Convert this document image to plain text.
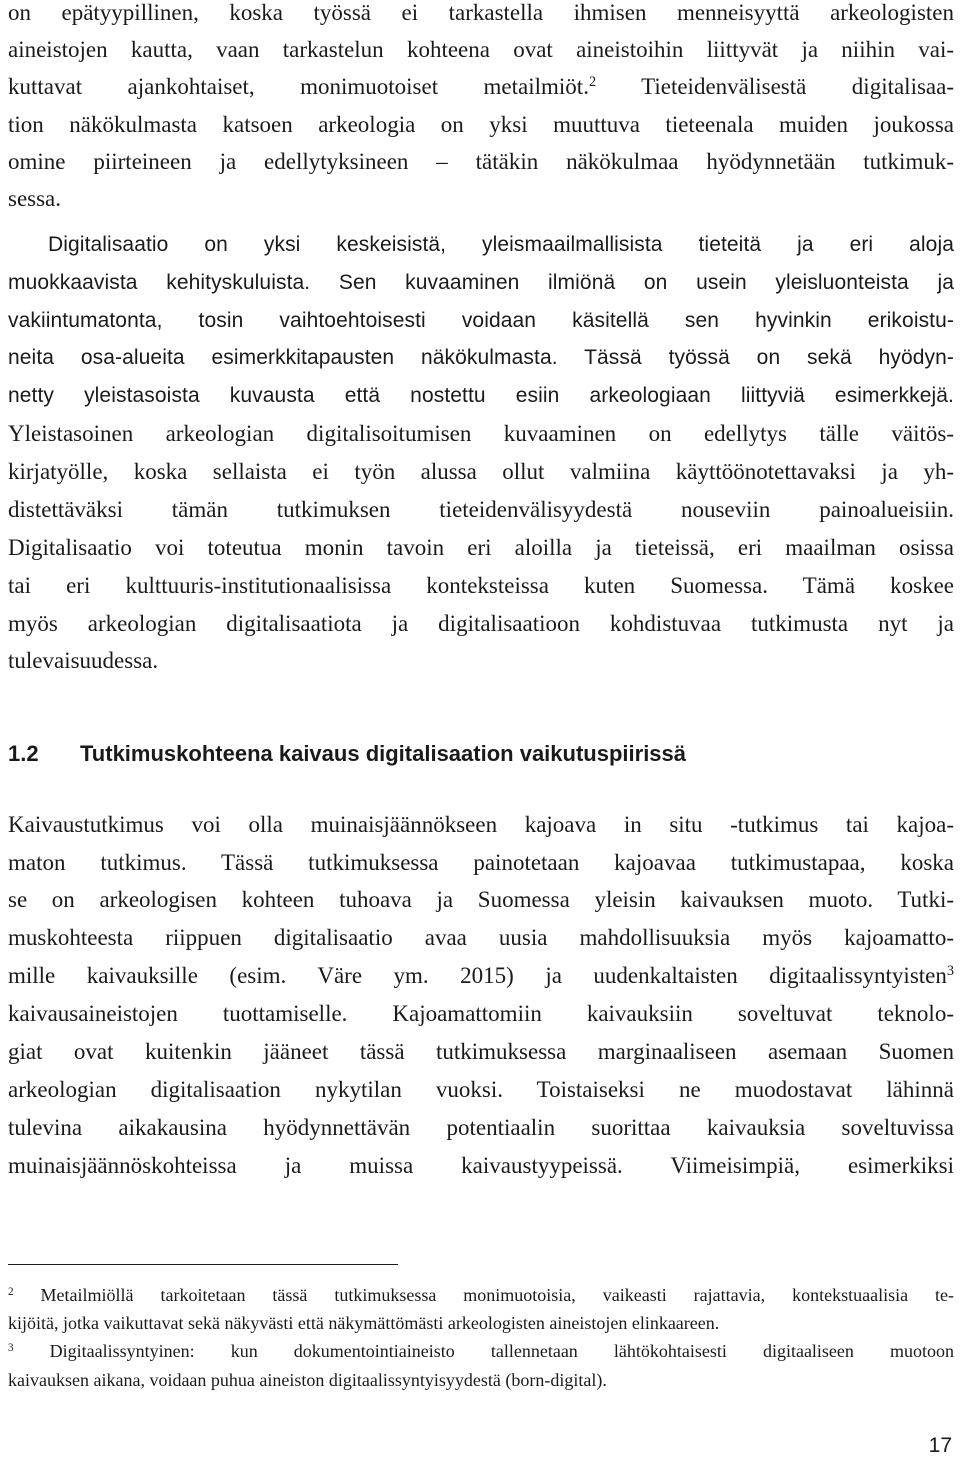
on epätyypillinen, koska työssä ei tarkastella ihmisen menneisyyttä arkeologisten
aineistojen kautta, vaan tarkastelun kohteena ovat aineistoihin liittyvät ja niihin vai-
kuttavat ajankohtaiset, monimuotoiset metailmiöt.$^2$ Tieteidenvälisestä digitalisaa-
tion näkökulmasta katsoen arkeologia on yksi muuttuva tieteenala muiden joukossa
omine piirteineen ja edellytyksineen – tätäkin näkökulmaa hyödynnetään tutkimuk-
sessa.
Digitalisaatio on yksi keskeisistä, yleismaailmallisista tieteitä ja eri aloja
muokkaavista kehityskuluista. Sen kuvaaminen ilmiönä on usein yleisluonteista ja
vakiintumatonta, tosin vaihtoehtoisesti voidaan käsitellä sen hyvinkin erikoistu-
neita osa-alueita esimerkkitapausten näkökulmasta. Tässä työssä on sekä hyödyn-
netty yleistasoista kuvausta että nostettu esiin arkeologiaan liittyviä esimerkkejä.
Yleistasoinen arkeologian digitalisoitumisen kuvaaminen on edellytys tälle väitös-
kirjatyölle, koska sellaista ei työn alussa ollut valmiina käyttöönotettavaksi ja yh-
distettäväksi tämän tutkimuksen tieteidenvälisyydestä nouseviin painoalueisiin.
Digitalisaatio voi toteutua monin tavoin eri aloilla ja tieteissä, eri maailman osissa
tai eri kulttuuris-institutionaalisissa konteksteissa kuten Suomessa. Tämä koskee
myös arkeologian digitalisaatiota ja digitalisaatioon kohdistuvaa tutkimusta nyt ja
tulevaisuudessa.
1.2 Tutkimuskohteena kaivaus digitalisaation vaikutuspiirissä
Kaivaustutkimus voi olla muinaisjäännökseen kajoava in situ -tutkimus tai kajoa-
maton tutkimus. Tässä tutkimuksessa painotetaan kajoavaa tutkimustapaa, koska
se on arkeologisen kohteen tuhoava ja Suomessa yleisin kaivauksen muoto. Tutki-
muskohteesta riippuen digitalisaatio avaa uusia mahdollisuuksia myös kajoamatto-
mille kaivauksille (esim. Väre ym. 2015) ja uudenkaltaisten digitaalissyntyisten$^3$
kaivausaineistojen tuottamiselle. Kajoamattomiin kaivauksiin soveltuvat teknolo-
giat ovat kuitenkin jääneet tässä tutkimuksessa marginaaliseen asemaan Suomen
arkeologian digitalisaation nykytilan vuoksi. Toistaiseksi ne muodostavat lähinnä
tulevina aikakausina hyödynnettävän potentiaalin suorittaa kaivauksia soveltuvissa
muinaisjäännöskohteissa ja muissa kaivaustyypeissä. Viimeisimpiä, esimerkiksi
$^2$ Metailmiöllä tarkoitetaan tässä tutkimuksessa monimuotoisia, vaikeasti rajattavia, kontekstuaalisia te-
kijöitä, jotka vaikuttavat sekä näkyvästi että näkymättömästi arkeologisten aineistojen elinkaareen.
$^3$ Digitaalissyntyinen: kun dokumentointiaineisto tallennetaan lähtökohtaisesti digitaaliseen muotoon
kaivauksen aikana, voidaan puhua aineiston digitaalissyntyisyydestä (born-digital).
17
